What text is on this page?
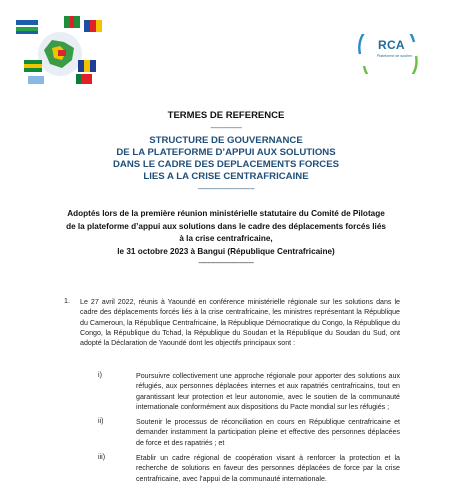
RCA
Plateforme de soutien
TERMES DE REFERENCE
-----------------
STRUCTURE DE GOUVERNANCE
DE LA PLATEFORME D’APPUI AUX SOLUTIONS
DANS LE CADRE DES DEPLACEMENTS FORCES
LIES A LA CRISE CENTRAFRICAINE
-------------------------------
Adoptés lors de la première réunion ministérielle statutaire du Comité de Pilotage
de la plateforme d’appui aux solutions dans le cadre des déplacements forcés liés
à la crise centrafricaine,
le 31 octobre 2023 à Bangui (République Centrafricaine)
------------------------------
1. Le 27 avril 2022, réunis à Yaoundé en conférence ministérielle régionale sur les solutions dans le cadre des déplacements forcés liés à la crise centrafricaine, les ministres représentant la République du Cameroun, la République Centrafricaine, la République Démocratique du Congo, la République du Congo, la République du Tchad, la République du Soudan et la République du Soudan du Sud, ont adopté la Déclaration de Yaoundé dont les objectifs principaux sont :
i)	Poursuivre collectivement une approche régionale pour apporter des solutions aux réfugiés, aux personnes déplacées internes et aux rapatriés centrafricains, tout en garantissant leur protection et leur autonomie, avec le soutien de la communauté internationale conformément aux dispositions du Pacte mondial sur les réfugiés ;
ii)	Soutenir le processus de réconciliation en cours en République centrafricaine et demander instamment la participation pleine et effective des personnes déplacées de force et des rapatriés ; et
iii)	Etablir un cadre régional de coopération visant à renforcer la protection et la recherche de solutions en faveur des personnes déplacées de force par la crise centrafricaine, avec l’appui de la communauté internationale.
